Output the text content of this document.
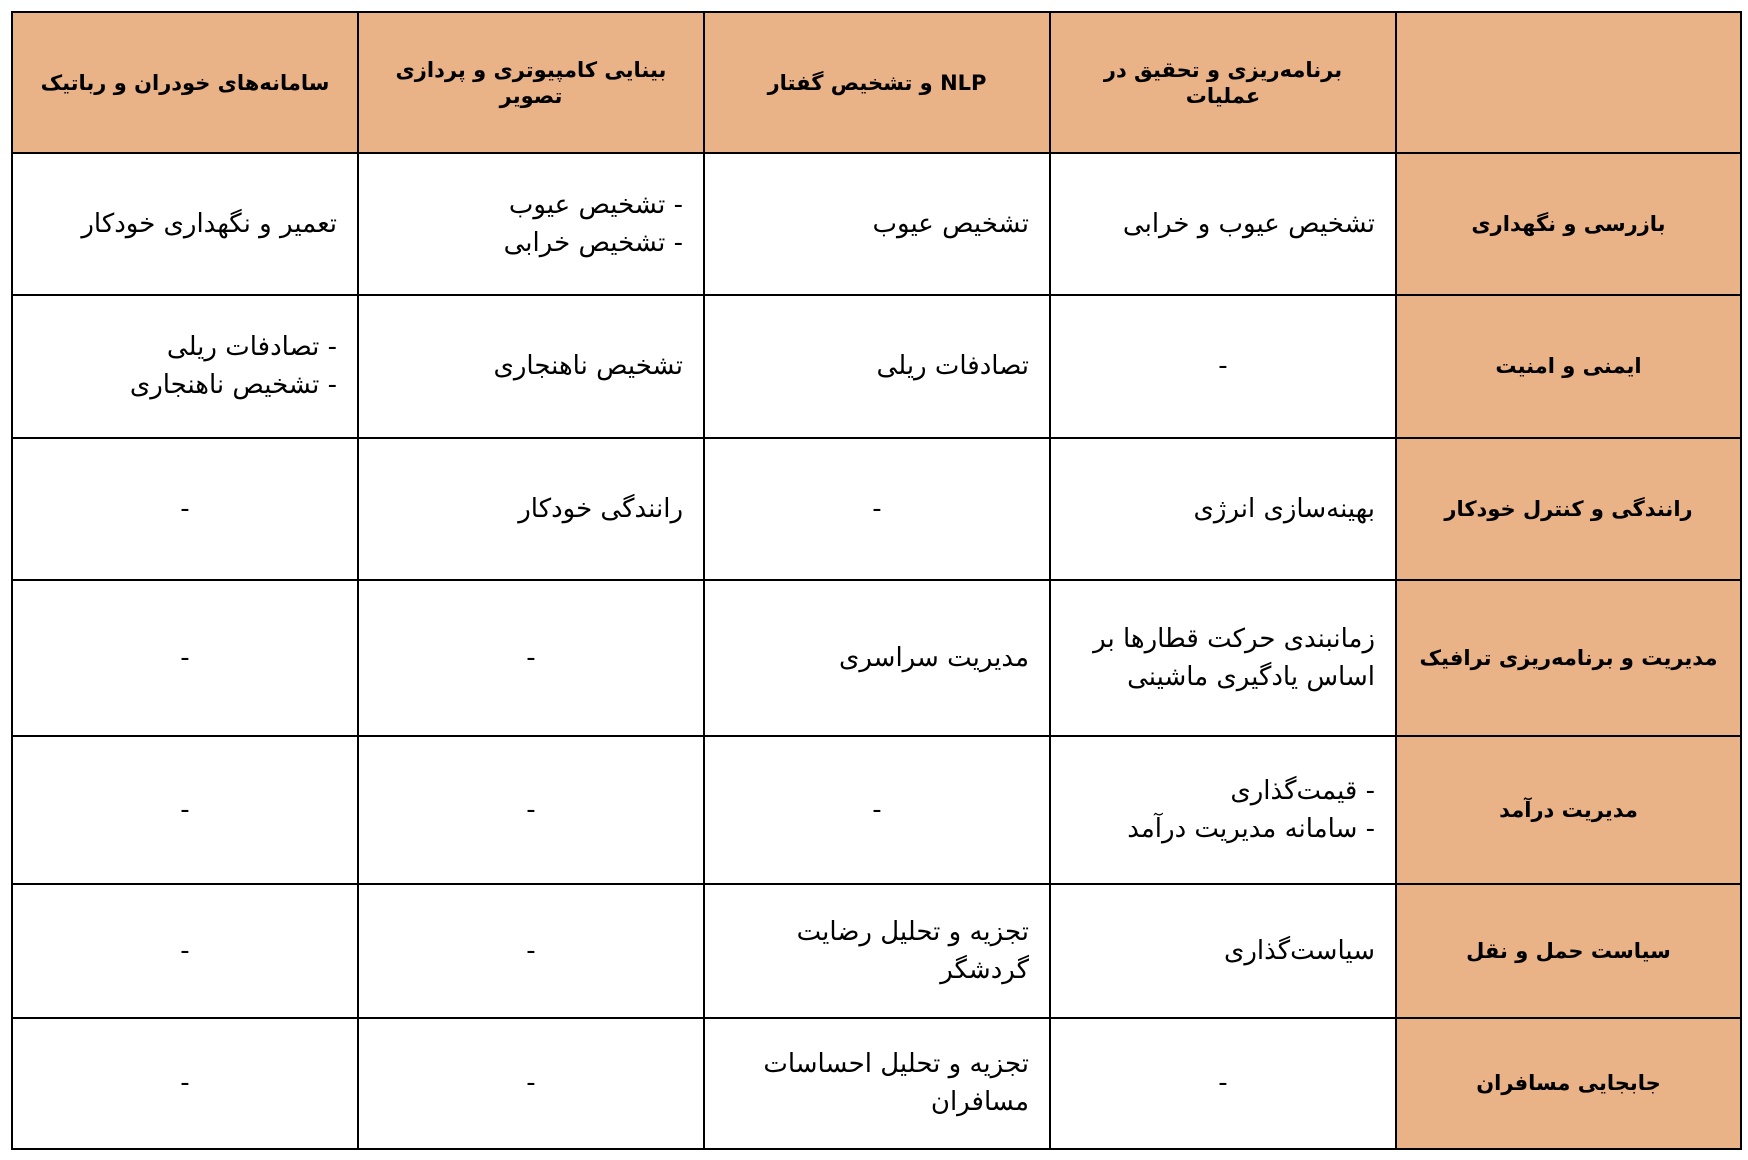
	برنامه‌ریزی و تحقیق در عملیات	NLP و تشخیص گفتار	بینایی کامپیوتری و پردازی تصویر	سامانه‌های خودران و رباتیک

بازرسی و نگهداری	تشخیص عیوب و خرابی	تشخیص عیوب	- تشخیص عیوب
- تشخیص خرابی	تعمیر و نگهداری خودکار

ایمنی و امنیت	-	تصادفات ریلی	تشخیص ناهنجاری	- تصادفات ریلی
- تشخیص ناهنجاری

رانندگی و کنترل خودکار	بهینه‌سازی انرژی	-	رانندگی خودکار	-

مدیریت و برنامه‌ریزی ترافیک	زمانبندی حرکت قطارها بر
اساس یادگیری ماشینی	مدیریت سراسری	-	-

مدیریت درآمد	- قیمت‌گذاری
- سامانه مدیریت درآمد	-	-	-

سیاست حمل و نقل	سیاست‌گذاری	تجزیه و تحلیل رضایت
گردشگر	-	-

جابجایی مسافران	-	تجزیه و تحلیل احساسات
مسافران	-	-
